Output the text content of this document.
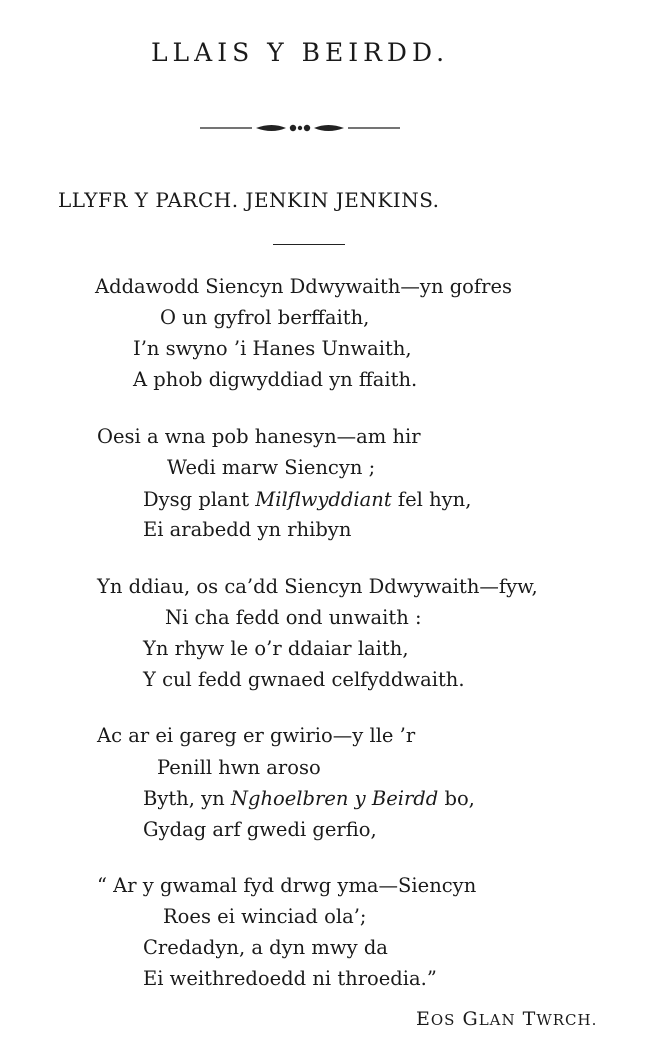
LLAIS Y BEIRDD.
LLYFR Y PARCH. JENKIN JENKINS.
Addawodd Siencyn Ddwywaith—yn gofres
O un gyfrol berffaith,
I’n swyno ’i Hanes Unwaith,
A phob digwyddiad yn ffaith.
Oesi a wna pob hanesyn—am hir
Wedi marw Siencyn ;
Dysg plant Milflwyddiant fel hyn,
Ei arabedd yn rhibyn
Yn ddiau, os ca’dd Siencyn Ddwywaith—fyw,
Ni cha fedd ond unwaith :
Yn rhyw le o’r ddaiar laith,
Y cul fedd gwnaed celfyddwaith.
Ac ar ei gareg er gwirio—y lle ’r
Penill hwn aroso
Byth, yn Nghoelbren y Beirdd bo,
Gydag arf gwedi gerfio,
“ Ar y gwamal fyd drwg yma—Siencyn
Roes ei winciad ola’;
Credadyn, a dyn mwy da
Ei weithredoedd ni throedia.”
EOS GLAN TWRCH.
